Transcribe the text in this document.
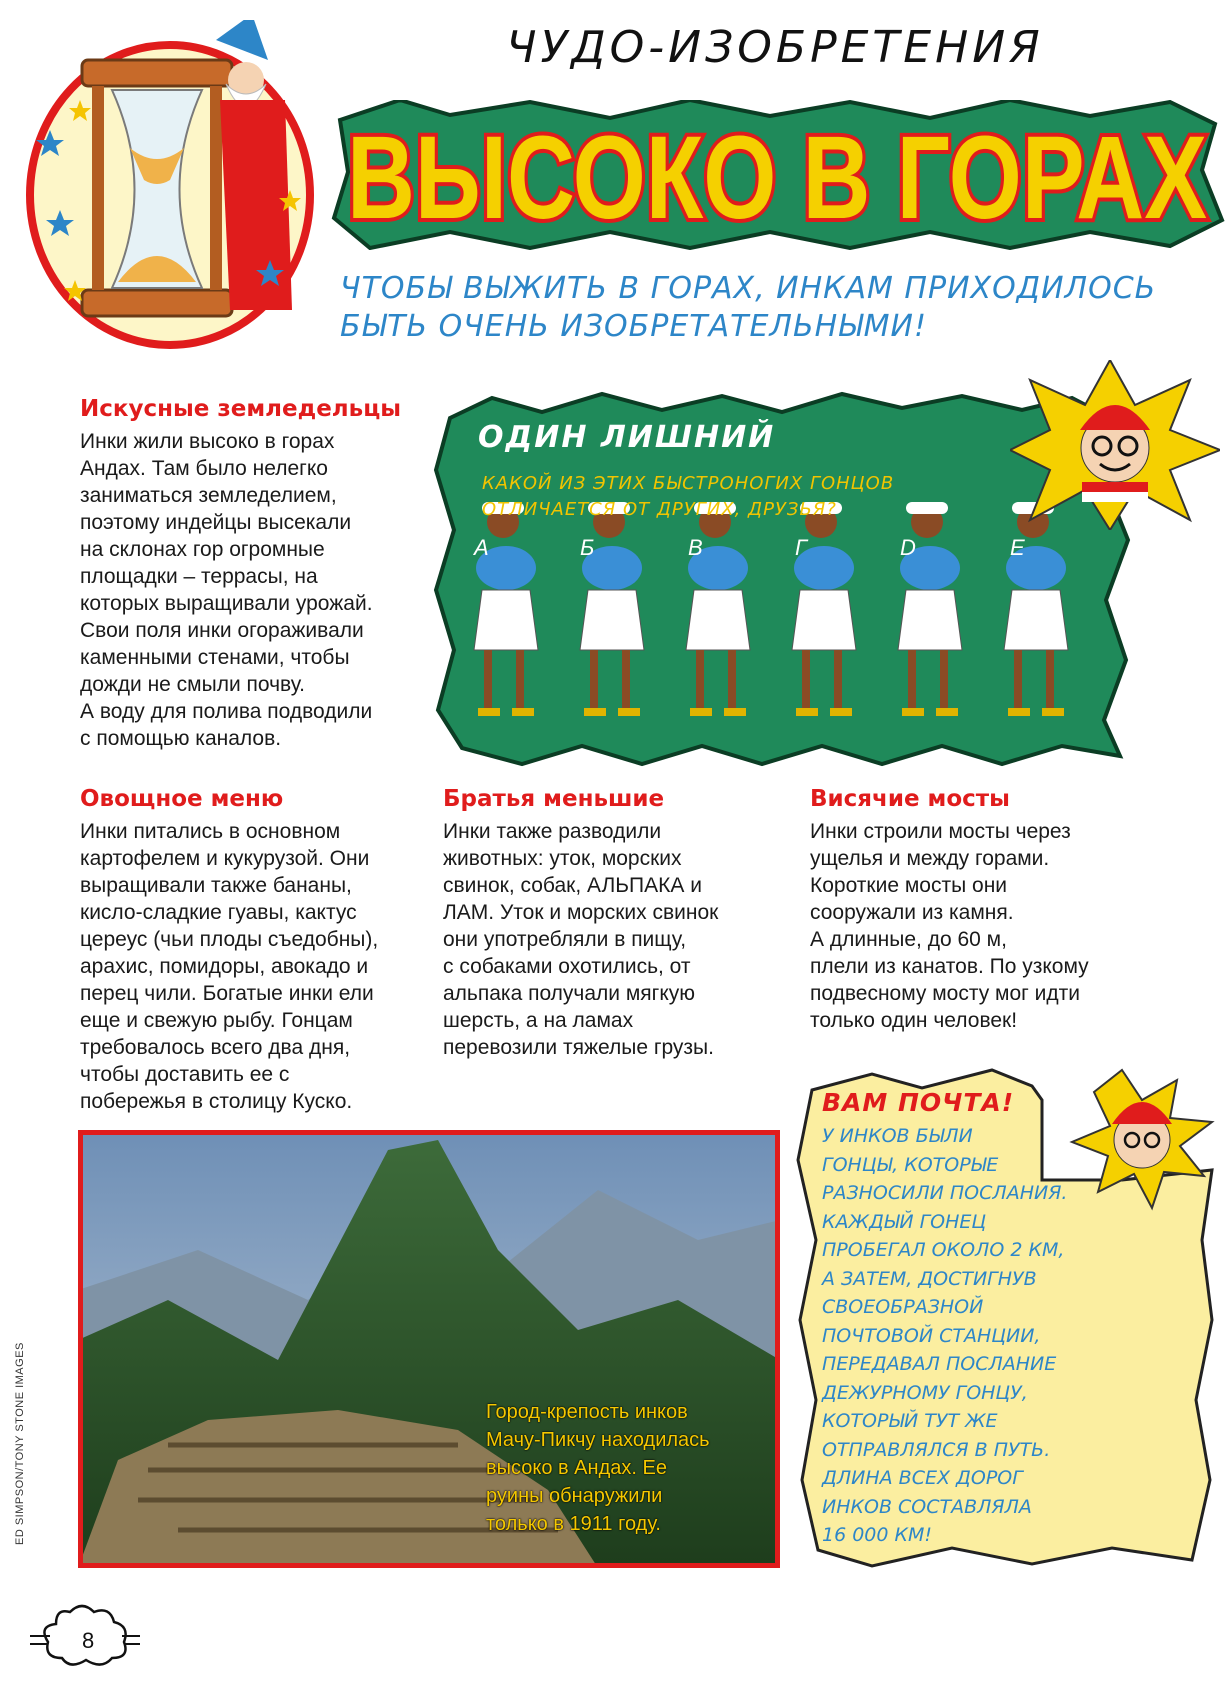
ЧУДО-ИЗОБРЕТЕНИЯ
ВЫСОКО В ГОРАХ
ЧТОБЫ ВЫЖИТЬ В ГОРАХ, ИНКАМ ПРИХОДИЛОСЬ
БЫТЬ ОЧЕНЬ ИЗОБРЕТАТЕЛЬНЫМИ!
Искусные земледельцы

Инки жили высоко в горах
Андах. Там было нелегко
заниматься земледелием,
поэтому индейцы высекали
на склонах гор огромные
площадки – террасы, на
которых выращивали урожай.
Свои поля инки огораживали
каменными стенами, чтобы
дожди не смыли почву.
А воду для полива подводили
с помощью каналов.

ОДИН ЛИШНИЙ
КАКОЙ ИЗ ЭТИХ БЫСТРОНОГИХ ГОНЦОВ
ОТЛИЧАЕТСЯ ОТ ДРУГИХ, ДРУЗЬЯ?
А	Б	В	Г	D	Е
Овощное меню

Инки питались в основном
картофелем и кукурузой. Они
выращивали также бананы,
кисло-сладкие гуавы, кактус
цереус (чьи плоды съедобны),
арахис, помидоры, авокадо и
перец чили. Богатые инки ели
еще и свежую рыбу. Гонцам
требовалось всего два дня,
чтобы доставить ее с
побережья в столицу Куско.

Братья меньшие

Инки также разводили
животных: уток, морских
свинок, собак, АЛЬПАКА и
ЛАМ. Уток и морских свинок
они употребляли в пищу,
с собаками охотились, от
альпака получали мягкую
шерсть, а на ламах
перевозили тяжелые грузы.

Висячие мосты

Инки строили мосты через
ущелья и между горами.
Короткие мосты они
сооружали из камня.
А длинные, до 60 м,
плели из канатов. По узкому
подвесному мосту мог идти
только один человек!

Город-крепость инков
Мачу-Пикчу находилась
высоко в Андах. Ее
руины обнаружили
только в 1911 году.
ED SIMPSON/TONY STONE IMAGES
ВАМ ПОЧТА!
У ИНКОВ БЫЛИ
ГОНЦЫ, КОТОРЫЕ
РАЗНОСИЛИ ПОСЛАНИЯ.
КАЖДЫЙ ГОНЕЦ
ПРОБЕГАЛ ОКОЛО 2 КМ,
А ЗАТЕМ, ДОСТИГНУВ
СВОЕОБРАЗНОЙ
ПОЧТОВОЙ СТАНЦИИ,
ПЕРЕДАВАЛ ПОСЛАНИЕ
ДЕЖУРНОМУ ГОНЦУ,
КОТОРЫЙ ТУТ ЖЕ
ОТПРАВЛЯЛСЯ В ПУТЬ.
ДЛИНА ВСЕХ ДОРОГ
ИНКОВ СОСТАВЛЯЛА
16 000 КМ!
8
